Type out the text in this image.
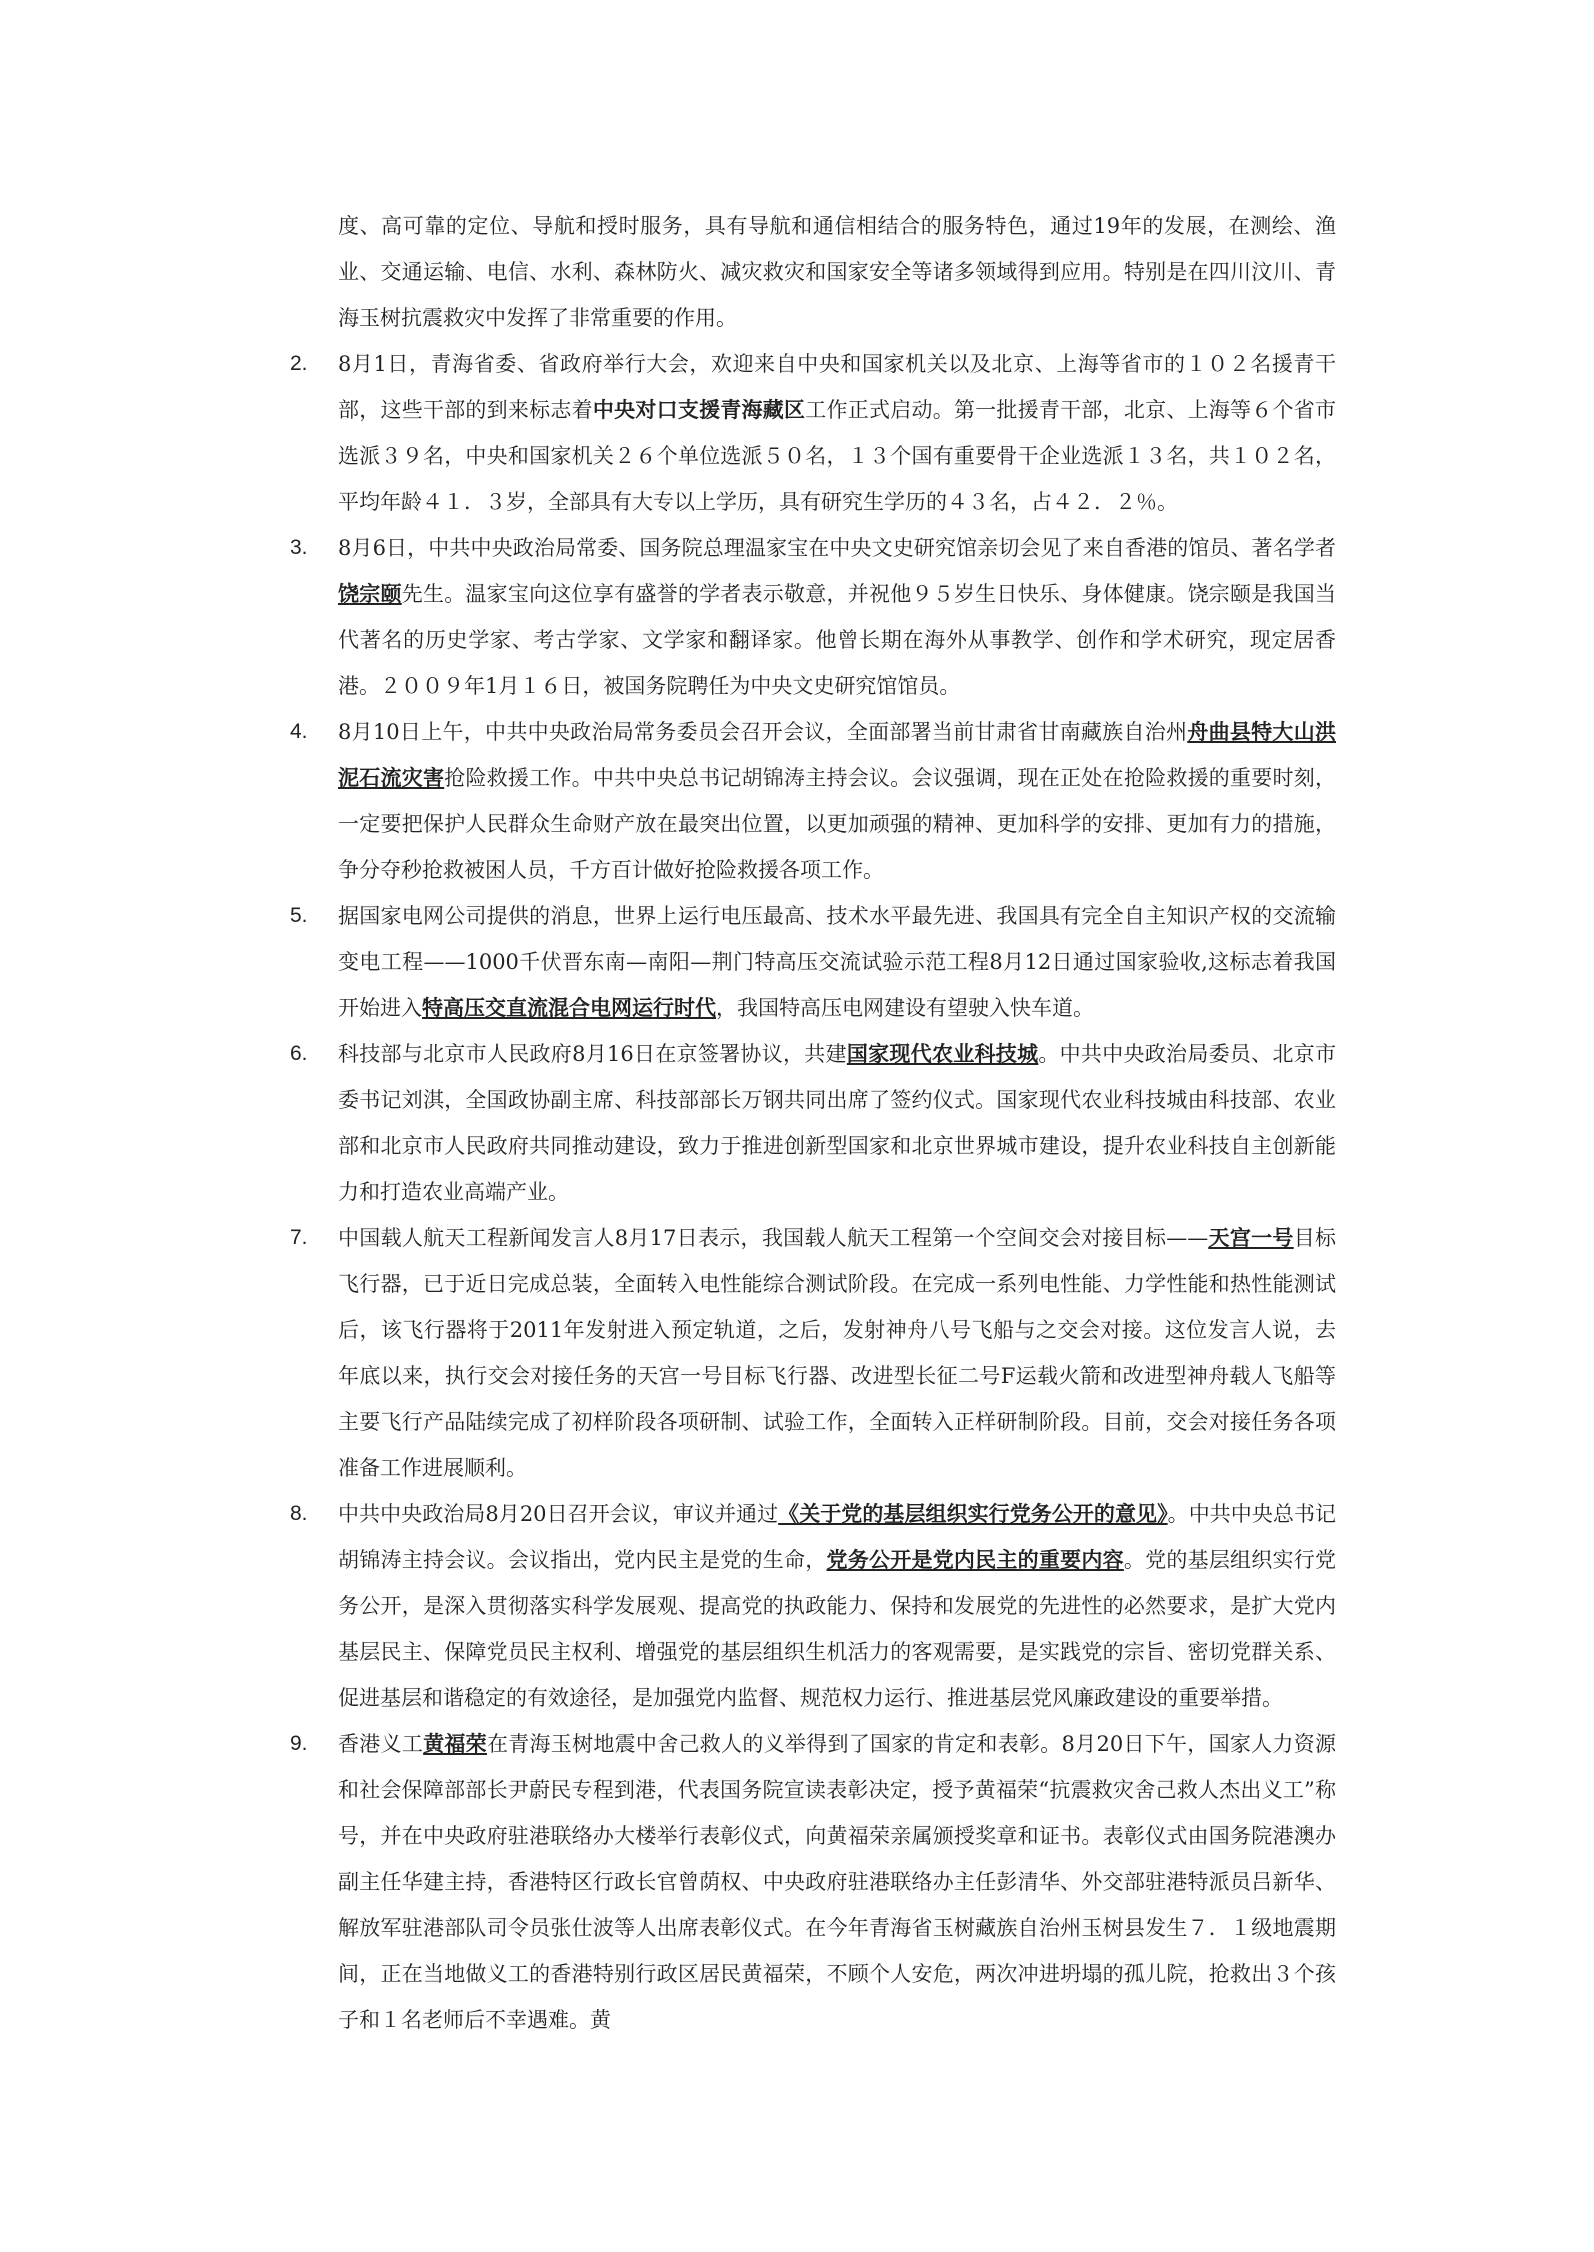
度、高可靠的定位、导航和授时服务，具有导航和通信相结合的服务特色，通过19年的发展，在测绘、渔业、交通运输、电信、水利、森林防火、减灾救灾和国家安全等诸多领域得到应用。特别是在四川汶川、青海玉树抗震救灾中发挥了非常重要的作用。

2.	8月1日，青海省委、省政府举行大会，欢迎来自中央和国家机关以及北京、上海等省市的１０２名援青干部，这些干部的到来标志着中央对口支援青海藏区工作正式启动。第一批援青干部，北京、上海等６个省市选派３９名，中央和国家机关２６个单位选派５０名，１３个国有重要骨干企业选派１３名，共１０２名，平均年龄４１．３岁，全部具有大专以上学历，具有研究生学历的４３名，占４２．２％。
3.	8月6日，中共中央政治局常委、国务院总理温家宝在中央文史研究馆亲切会见了来自香港的馆员、著名学者饶宗颐先生。温家宝向这位享有盛誉的学者表示敬意，并祝他９５岁生日快乐、身体健康。饶宗颐是我国当代著名的历史学家、考古学家、文学家和翻译家。他曾长期在海外从事教学、创作和学术研究，现定居香港。２００９年1月１６日，被国务院聘任为中央文史研究馆馆员。
4.	8月10日上午，中共中央政治局常务委员会召开会议，全面部署当前甘肃省甘南藏族自治州舟曲县特大山洪泥石流灾害抢险救援工作。中共中央总书记胡锦涛主持会议。会议强调，现在正处在抢险救援的重要时刻，一定要把保护人民群众生命财产放在最突出位置，以更加顽强的精神、更加科学的安排、更加有力的措施，争分夺秒抢救被困人员，千方百计做好抢险救援各项工作。
5.	据国家电网公司提供的消息，世界上运行电压最高、技术水平最先进、我国具有完全自主知识产权的交流输变电工程——1000千伏晋东南—南阳—荆门特高压交流试验示范工程8月12日通过国家验收,这标志着我国开始进入特高压交直流混合电网运行时代，我国特高压电网建设有望驶入快车道。
6.	科技部与北京市人民政府8月16日在京签署协议，共建国家现代农业科技城。中共中央政治局委员、北京市委书记刘淇，全国政协副主席、科技部部长万钢共同出席了签约仪式。国家现代农业科技城由科技部、农业部和北京市人民政府共同推动建设，致力于推进创新型国家和北京世界城市建设，提升农业科技自主创新能力和打造农业高端产业。
7.	中国载人航天工程新闻发言人8月17日表示，我国载人航天工程第一个空间交会对接目标——天宫一号目标飞行器，已于近日完成总装，全面转入电性能综合测试阶段。在完成一系列电性能、力学性能和热性能测试后，该飞行器将于2011年发射进入预定轨道，之后，发射神舟八号飞船与之交会对接。这位发言人说，去年底以来，执行交会对接任务的天宫一号目标飞行器、改进型长征二号F运载火箭和改进型神舟载人飞船等主要飞行产品陆续完成了初样阶段各项研制、试验工作，全面转入正样研制阶段。目前，交会对接任务各项准备工作进展顺利。
8.	中共中央政治局8月20日召开会议，审议并通过《关于党的基层组织实行党务公开的意见》。中共中央总书记胡锦涛主持会议。会议指出，党内民主是党的生命，党务公开是党内民主的重要内容。党的基层组织实行党务公开，是深入贯彻落实科学发展观、提高党的执政能力、保持和发展党的先进性的必然要求，是扩大党内基层民主、保障党员民主权利、增强党的基层组织生机活力的客观需要，是实践党的宗旨、密切党群关系、促进基层和谐稳定的有效途径，是加强党内监督、规范权力运行、推进基层党风廉政建设的重要举措。
9.	香港义工黄福荣在青海玉树地震中舍己救人的义举得到了国家的肯定和表彰。8月20日下午，国家人力资源和社会保障部部长尹蔚民专程到港，代表国务院宣读表彰决定，授予黄福荣“抗震救灾舍己救人杰出义工”称号，并在中央政府驻港联络办大楼举行表彰仪式，向黄福荣亲属颁授奖章和证书。表彰仪式由国务院港澳办副主任华建主持，香港特区行政长官曾荫权、中央政府驻港联络办主任彭清华、外交部驻港特派员吕新华、解放军驻港部队司令员张仕波等人出席表彰仪式。在今年青海省玉树藏族自治州玉树县发生７．１级地震期间，正在当地做义工的香港特别行政区居民黄福荣，不顾个人安危，两次冲进坍塌的孤儿院，抢救出３个孩子和１名老师后不幸遇难。黄
